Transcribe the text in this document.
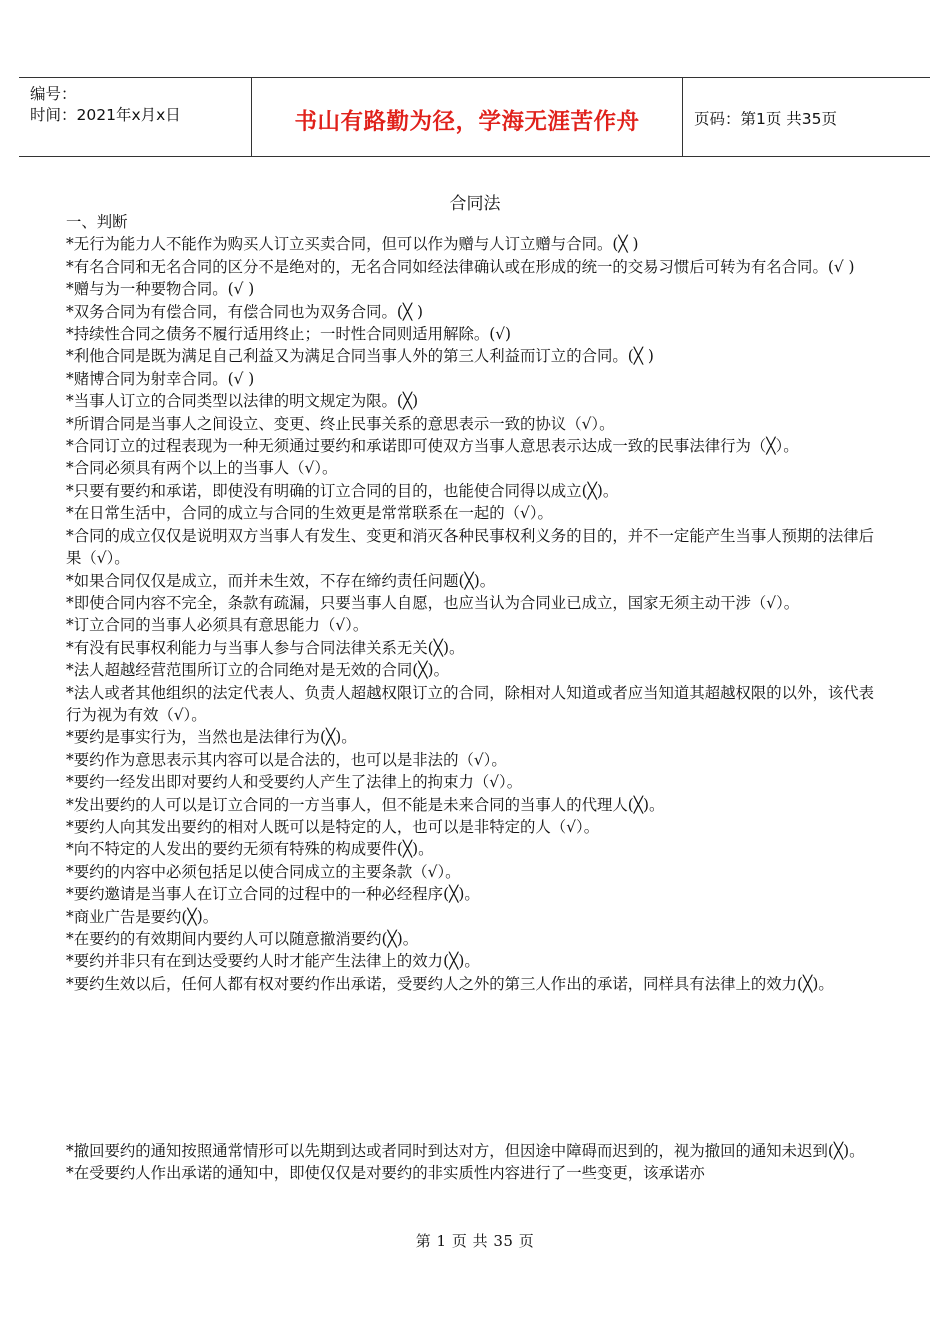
编号：
时间：2021年x月x日	书山有路勤为径，学海无涯苦作舟	页码：第1页 共35页
合同法
一、判断
*无行为能力人不能作为购买人订立买卖合同，但可以作为赠与人订立赠与合同。(╳ )
*有名合同和无名合同的区分不是绝对的，无名合同如经法律确认或在形成的统一的交易习惯后可转为有名合同。(√ )
*赠与为一种要物合同。(√ )
*双务合同为有偿合同，有偿合同也为双务合同。(╳ )
*持续性合同之债务不履行适用终止；一时性合同则适用解除。(√)
*利他合同是既为满足自己利益又为满足合同当事人外的第三人利益而订立的合同。(╳ )
*赌博合同为射幸合同。(√ )
*当事人订立的合同类型以法律的明文规定为限。(╳)
*所谓合同是当事人之间设立、变更、终止民事关系的意思表示一致的协议（√）。
*合同订立的过程表现为一种无须通过要约和承诺即可使双方当事人意思表示达成一致的民事法律行为（╳）。
*合同必须具有两个以上的当事人（√）。
*只要有要约和承诺，即使没有明确的订立合同的目的，也能使合同得以成立(╳)。
*在日常生活中，合同的成立与合同的生效更是常常联系在一起的（√）。
*合同的成立仅仅是说明双方当事人有发生、变更和消灭各种民事权利义务的目的，并不一定能产生当事人预期的法律后果（√）。
*如果合同仅仅是成立，而并未生效，不存在缔约责任问题(╳)。
*即使合同内容不完全，条款有疏漏，只要当事人自愿，也应当认为合同业已成立，国家无须主动干涉（√）。
*订立合同的当事人必须具有意思能力（√）。
*有没有民事权利能力与当事人参与合同法律关系无关(╳)。
*法人超越经营范围所订立的合同绝对是无效的合同(╳)。
*法人或者其他组织的法定代表人、负责人超越权限订立的合同，除相对人知道或者应当知道其超越权限的以外，该代表行为视为有效（√）。
*要约是事实行为，当然也是法律行为(╳)。
*要约作为意思表示其内容可以是合法的，也可以是非法的（√）。
*要约一经发出即对要约人和受要约人产生了法律上的拘束力（√）。
*发出要约的人可以是订立合同的一方当事人，但不能是未来合同的当事人的代理人(╳)。
*要约人向其发出要约的相对人既可以是特定的人，也可以是非特定的人（√）。
*向不特定的人发出的要约无须有特殊的构成要件(╳)。
*要约的内容中必须包括足以使合同成立的主要条款（√）。
*要约邀请是当事人在订立合同的过程中的一种必经程序(╳)。
*商业广告是要约(╳)。
*在要约的有效期间内要约人可以随意撤消要约(╳)。
*要约并非只有在到达受要约人时才能产生法律上的效力(╳)。
*要约生效以后，任何人都有权对要约作出承诺，受要约人之外的第三人作出的承诺，同样具有法律上的效力(╳)。
*撤回要约的通知按照通常情形可以先期到达或者同时到达对方，但因途中障碍而迟到的，视为撤回的通知未迟到(╳)。
*在受要约人作出承诺的通知中，即使仅仅是对要约的非实质性内容进行了一些变更，该承诺亦
第 1 页 共 35 页
